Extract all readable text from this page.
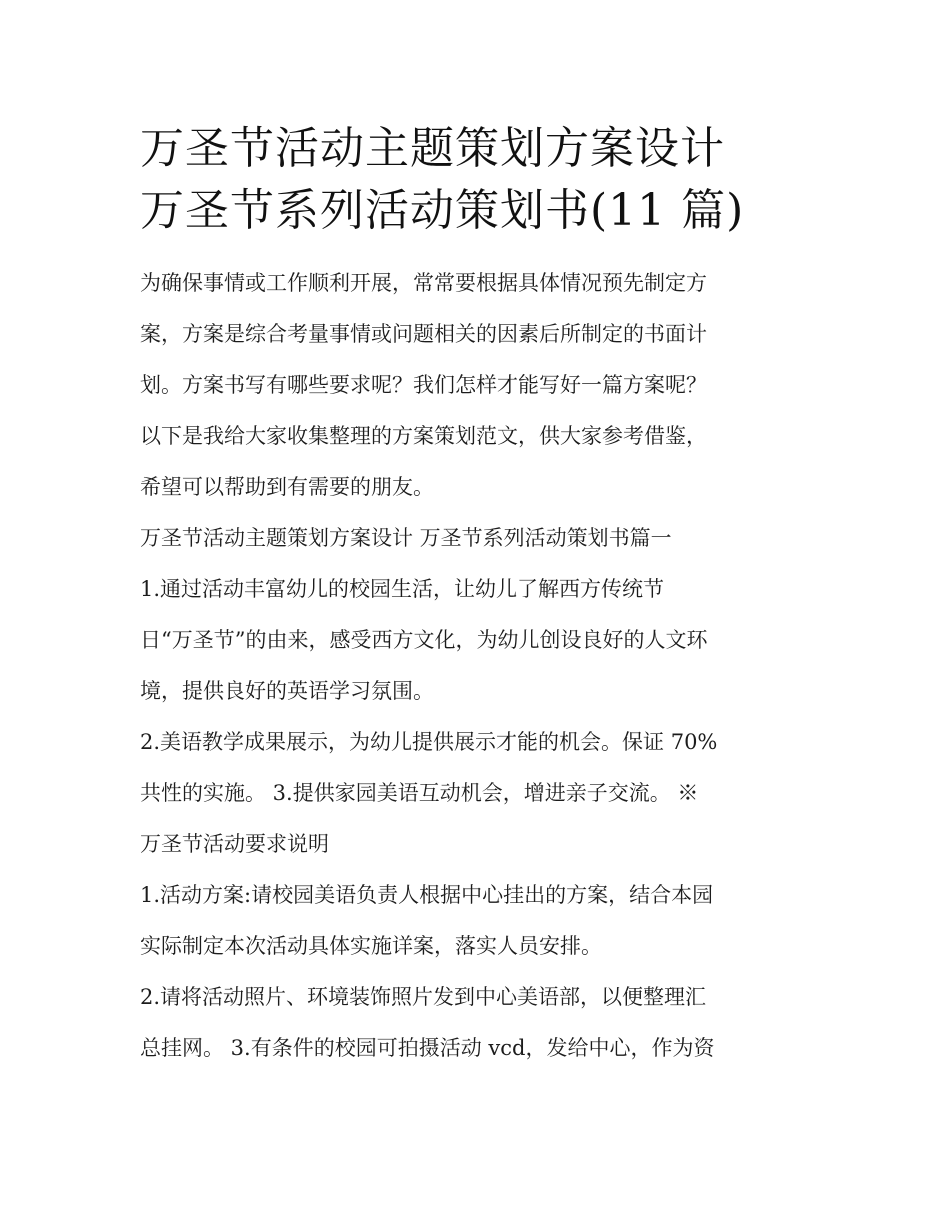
万圣节活动主题策划方案设计
万圣节系列活动策划书(11 篇)

为确保事情或工作顺利开展，常常要根据具体情况预先制定方
案，方案是综合考量事情或问题相关的因素后所制定的书面计
划。方案书写有哪些要求呢？我们怎样才能写好一篇方案呢？
以下是我给大家收集整理的方案策划范文，供大家参考借鉴，
希望可以帮助到有需要的朋友。

万圣节活动主题策划方案设计 万圣节系列活动策划书篇一

1.通过活动丰富幼儿的校园生活，让幼儿了解西方传统节
日“万圣节”的由来，感受西方文化，为幼儿创设良好的人文环
境，提供良好的英语学习氛围。

2.美语教学成果展示，为幼儿提供展示才能的机会。保证 70%
共性的实施。 3.提供家园美语互动机会，增进亲子交流。 ※
万圣节活动要求说明

1.活动方案:请校园美语负责人根据中心挂出的方案，结合本园
实际制定本次活动具体实施详案，落实人员安排。

2.请将活动照片、环境装饰照片发到中心美语部，以便整理汇
总挂网。 3.有条件的校园可拍摄活动 vcd，发给中心，作为资
